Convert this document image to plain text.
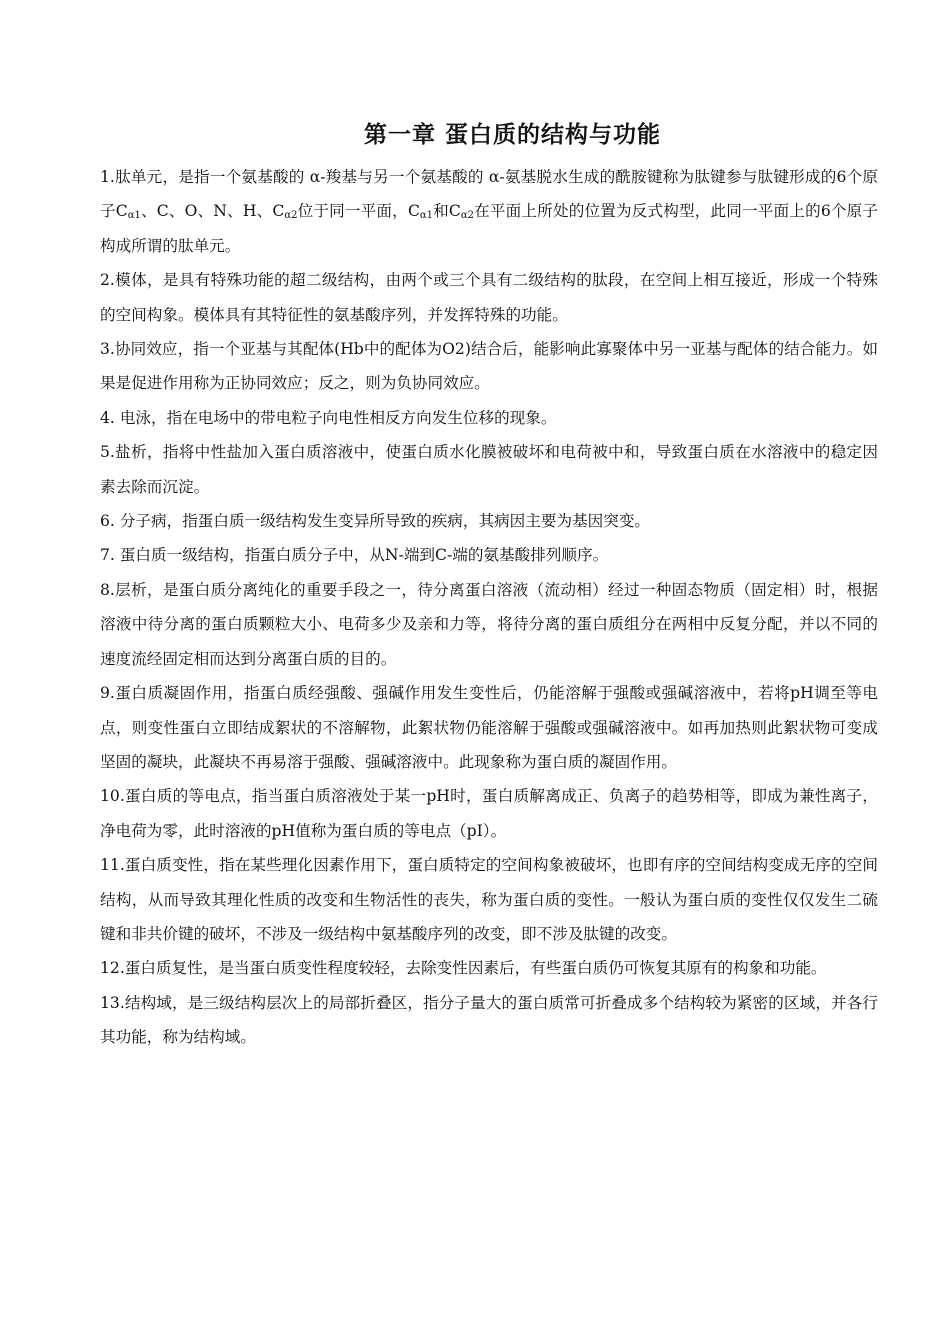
第一章 蛋白质的结构与功能

1.肽单元，是指一个氨基酸的 α-羧基与另一个氨基酸的 α-氨基脱水生成的酰胺键称为肽键参与肽键形成的6个原子$C_{\alpha 1}$、C、O、N、H、$C_{\alpha 2}$位于同一平面，$C_{\alpha 1}$和$C_{\alpha 2}$在平面上所处的位置为反式构型，此同一平面上的6个原子构成所谓的肽单元。

2.模体，是具有特殊功能的超二级结构，由两个或三个具有二级结构的肽段，在空间上相互接近，形成一个特殊的空间构象。模体具有其特征性的氨基酸序列，并发挥特殊的功能。

3.协同效应，指一个亚基与其配体(Hb中的配体为O2)结合后，能影响此寡聚体中另一亚基与配体的结合能力。如果是促进作用称为正协同效应；反之，则为负协同效应。

4. 电泳，指在电场中的带电粒子向电性相反方向发生位移的现象。

5.盐析，指将中性盐加入蛋白质溶液中，使蛋白质水化膜被破坏和电荷被中和，导致蛋白质在水溶液中的稳定因素去除而沉淀。

6. 分子病，指蛋白质一级结构发生变异所导致的疾病，其病因主要为基因突变。

7. 蛋白质一级结构，指蛋白质分子中，从N-端到C-端的氨基酸排列顺序。

8.层析，是蛋白质分离纯化的重要手段之一，待分离蛋白溶液（流动相）经过一种固态物质（固定相）时，根据溶液中待分离的蛋白质颗粒大小、电荷多少及亲和力等，将待分离的蛋白质组分在两相中反复分配，并以不同的速度流经固定相而达到分离蛋白质的目的。

9.蛋白质凝固作用，指蛋白质经强酸、强碱作用发生变性后，仍能溶解于强酸或强碱溶液中，若将pH调至等电点，则变性蛋白立即结成絮状的不溶解物，此絮状物仍能溶解于强酸或强碱溶液中。如再加热则此絮状物可变成坚固的凝块，此凝块不再易溶于强酸、强碱溶液中。此现象称为蛋白质的凝固作用。

10.蛋白质的等电点，指当蛋白质溶液处于某一pH时，蛋白质解离成正、负离子的趋势相等，即成为兼性离子，净电荷为零，此时溶液的pH值称为蛋白质的等电点（pI）。

11.蛋白质变性，指在某些理化因素作用下，蛋白质特定的空间构象被破坏，也即有序的空间结构变成无序的空间结构，从而导致其理化性质的改变和生物活性的丧失，称为蛋白质的变性。一般认为蛋白质的变性仅仅发生二硫键和非共价键的破坏，不涉及一级结构中氨基酸序列的改变，即不涉及肽键的改变。

12.蛋白质复性，是当蛋白质变性程度较轻，去除变性因素后，有些蛋白质仍可恢复其原有的构象和功能。

13.结构域，是三级结构层次上的局部折叠区，指分子量大的蛋白质常可折叠成多个结构较为紧密的区域，并各行其功能，称为结构域。
